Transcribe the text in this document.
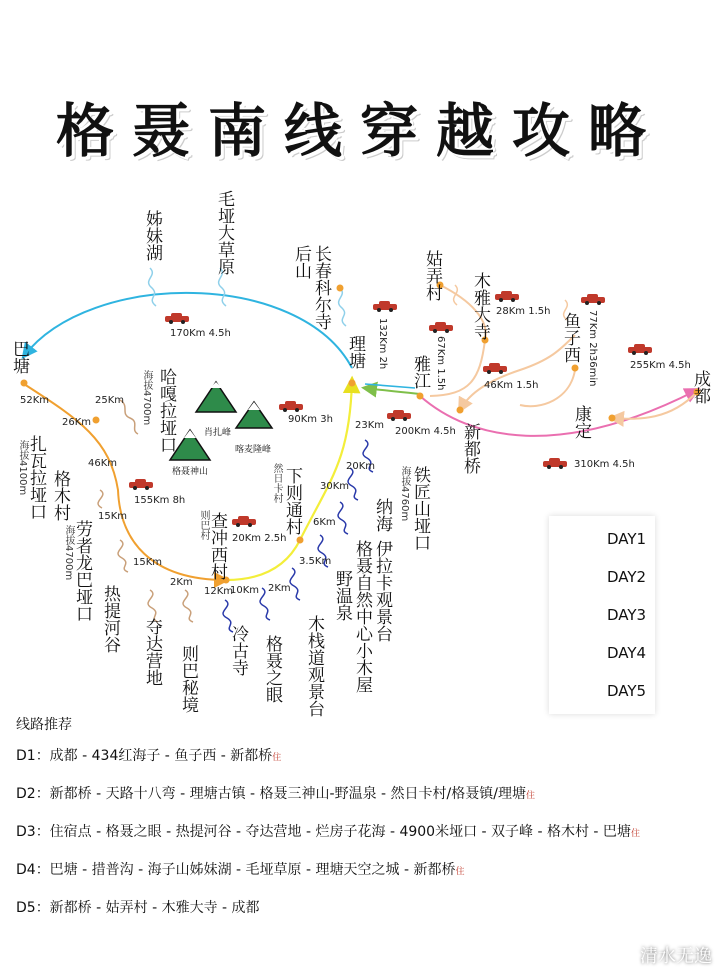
格聂南线穿越攻略
巴塘
姊妹湖	毛垭大草原	后山 长春科尔寺
理塘
姑弄村 木雅大寺
雅江
鱼子西
成都
康定
新都桥
扎瓦拉垭口 格木村
劳者龙巴垭口 热提河谷 夺达营地 则巴秘境 冷古寺 格聂之眼 木栈道观景台
野温泉 格聂自然中心小木屋 伊拉卡观景台
纳海 铁匠山垭口
下则通村
查冲西村
哈嘎拉垭口
海拔4700m
海拔4100m
海拔4700m
海拔4760m
则巴村
然日卡村
肖扎峰
喀麦隆峰
格聂神山
170Km 4.5h	132Km 2h
28Km 1.5h	77Km 2h36min
67Km 1.5h	255Km 4.5h
46Km 1.5h
90Km 3h
200Km 4.5h
310Km 4.5h
23Km
52Km	25Km
26Km
46Km
155Km 8h
15Km
15Km
2Km
12Km
10Km 2Km
3.5Km
6Km
30Km
20Km
20Km 2.5h	DAY1
DAY2
DAY3
DAY4
DAY5
线路推荐
D1：成都 - 434红海子 - 鱼子西 - 新都桥住
D2：新都桥 - 天路十八弯 - 理塘古镇 - 格聂三神山-野温泉 - 然日卡村/格聂镇/理塘住
D3：住宿点 - 格聂之眼 - 热提河谷 - 夺达营地 - 烂房子花海 - 4900米垭口 - 双子峰 - 格木村 - 巴塘住
D4：巴塘 - 措普沟 - 海子山姊妹湖 - 毛垭草原 - 理塘天空之城 - 新都桥住
D5：新都桥 - 姑弄村 - 木雅大寺 - 成都
清水无逸
